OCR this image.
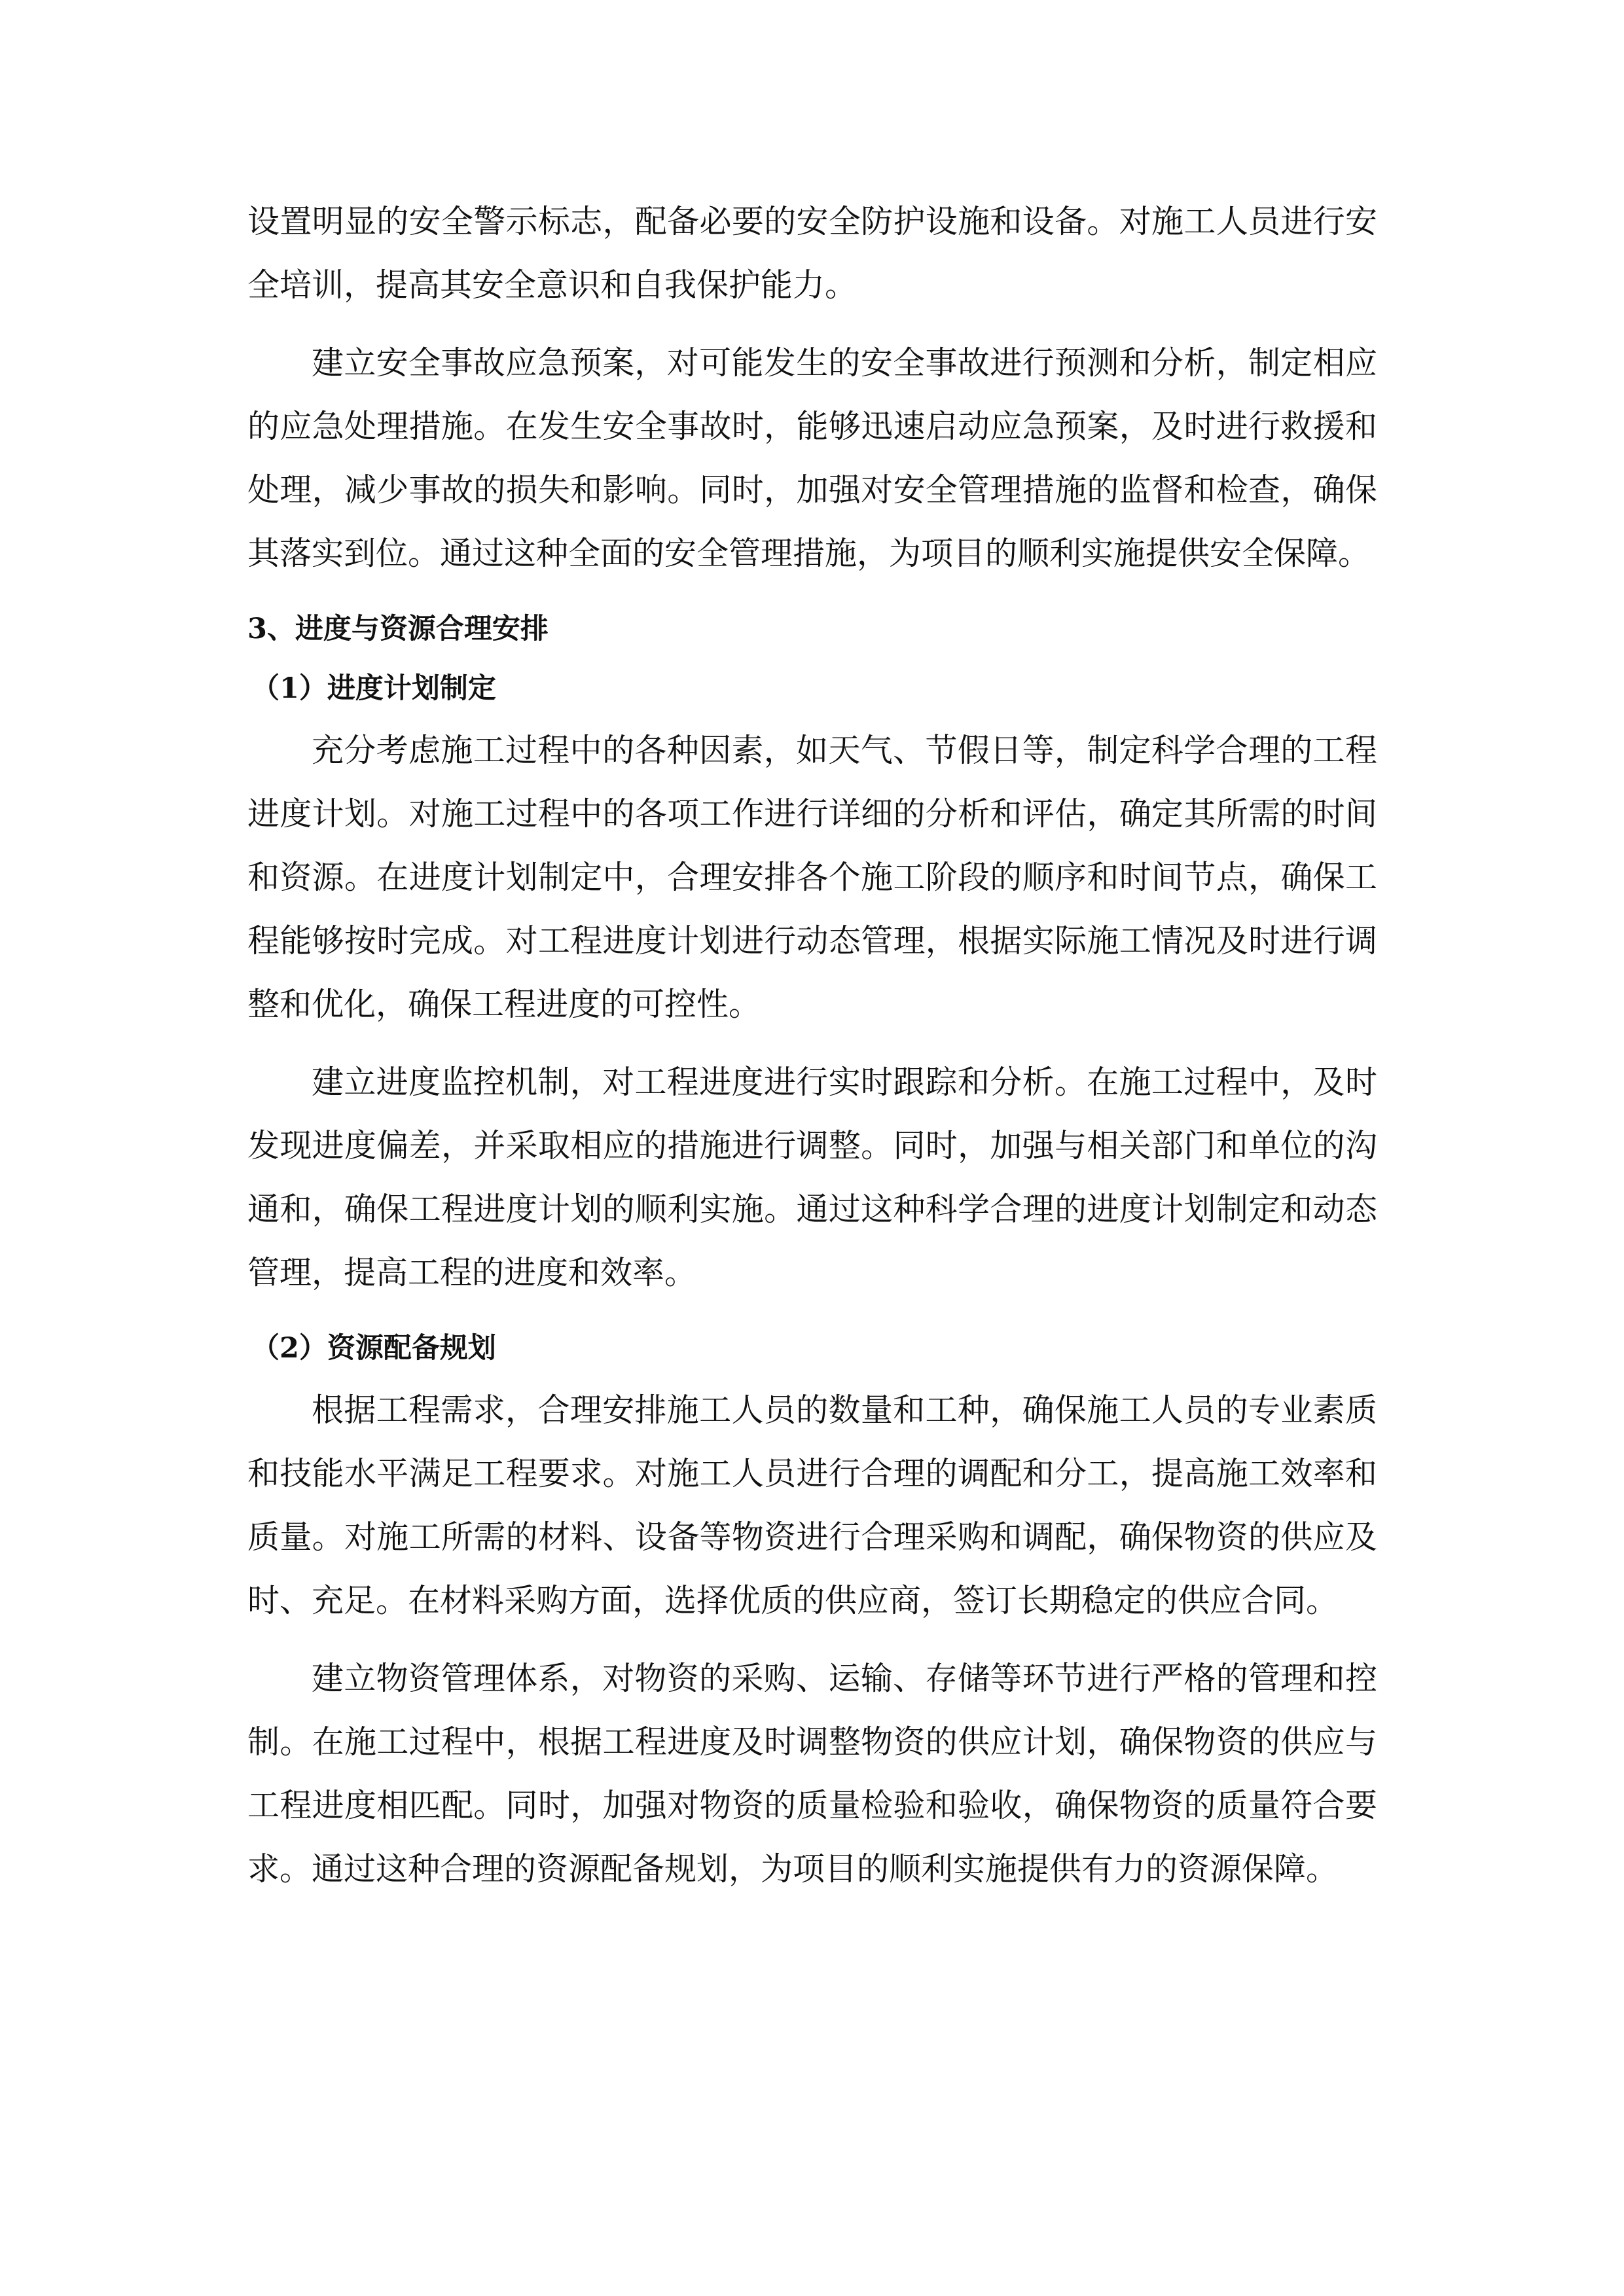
设置明显的安全警示标志，配备必要的安全防护设施和设备。对施工人员进行安全培训，提高其安全意识和自我保护能力。

建立安全事故应急预案，对可能发生的安全事故进行预测和分析，制定相应的应急处理措施。在发生安全事故时，能够迅速启动应急预案，及时进行救援和处理，减少事故的损失和影响。同时，加强对安全管理措施的监督和检查，确保其落实到位。通过这种全面的安全管理措施，为项目的顺利实施提供安全保障。

3、进度与资源合理安排
（1）进度计划制定

充分考虑施工过程中的各种因素，如天气、节假日等，制定科学合理的工程进度计划。对施工过程中的各项工作进行详细的分析和评估，确定其所需的时间和资源。在进度计划制定中，合理安排各个施工阶段的顺序和时间节点，确保工程能够按时完成。对工程进度计划进行动态管理，根据实际施工情况及时进行调整和优化，确保工程进度的可控性。

建立进度监控机制，对工程进度进行实时跟踪和分析。在施工过程中，及时发现进度偏差，并采取相应的措施进行调整。同时，加强与相关部门和单位的沟通和，确保工程进度计划的顺利实施。通过这种科学合理的进度计划制定和动态管理，提高工程的进度和效率。

（2）资源配备规划

根据工程需求，合理安排施工人员的数量和工种，确保施工人员的专业素质和技能水平满足工程要求。对施工人员进行合理的调配和分工，提高施工效率和质量。对施工所需的材料、设备等物资进行合理采购和调配，确保物资的供应及时、充足。在材料采购方面，选择优质的供应商，签订长期稳定的供应合同。

建立物资管理体系，对物资的采购、运输、存储等环节进行严格的管理和控制。在施工过程中，根据工程进度及时调整物资的供应计划，确保物资的供应与工程进度相匹配。同时，加强对物资的质量检验和验收，确保物资的质量符合要求。通过这种合理的资源配备规划，为项目的顺利实施提供有力的资源保障。
